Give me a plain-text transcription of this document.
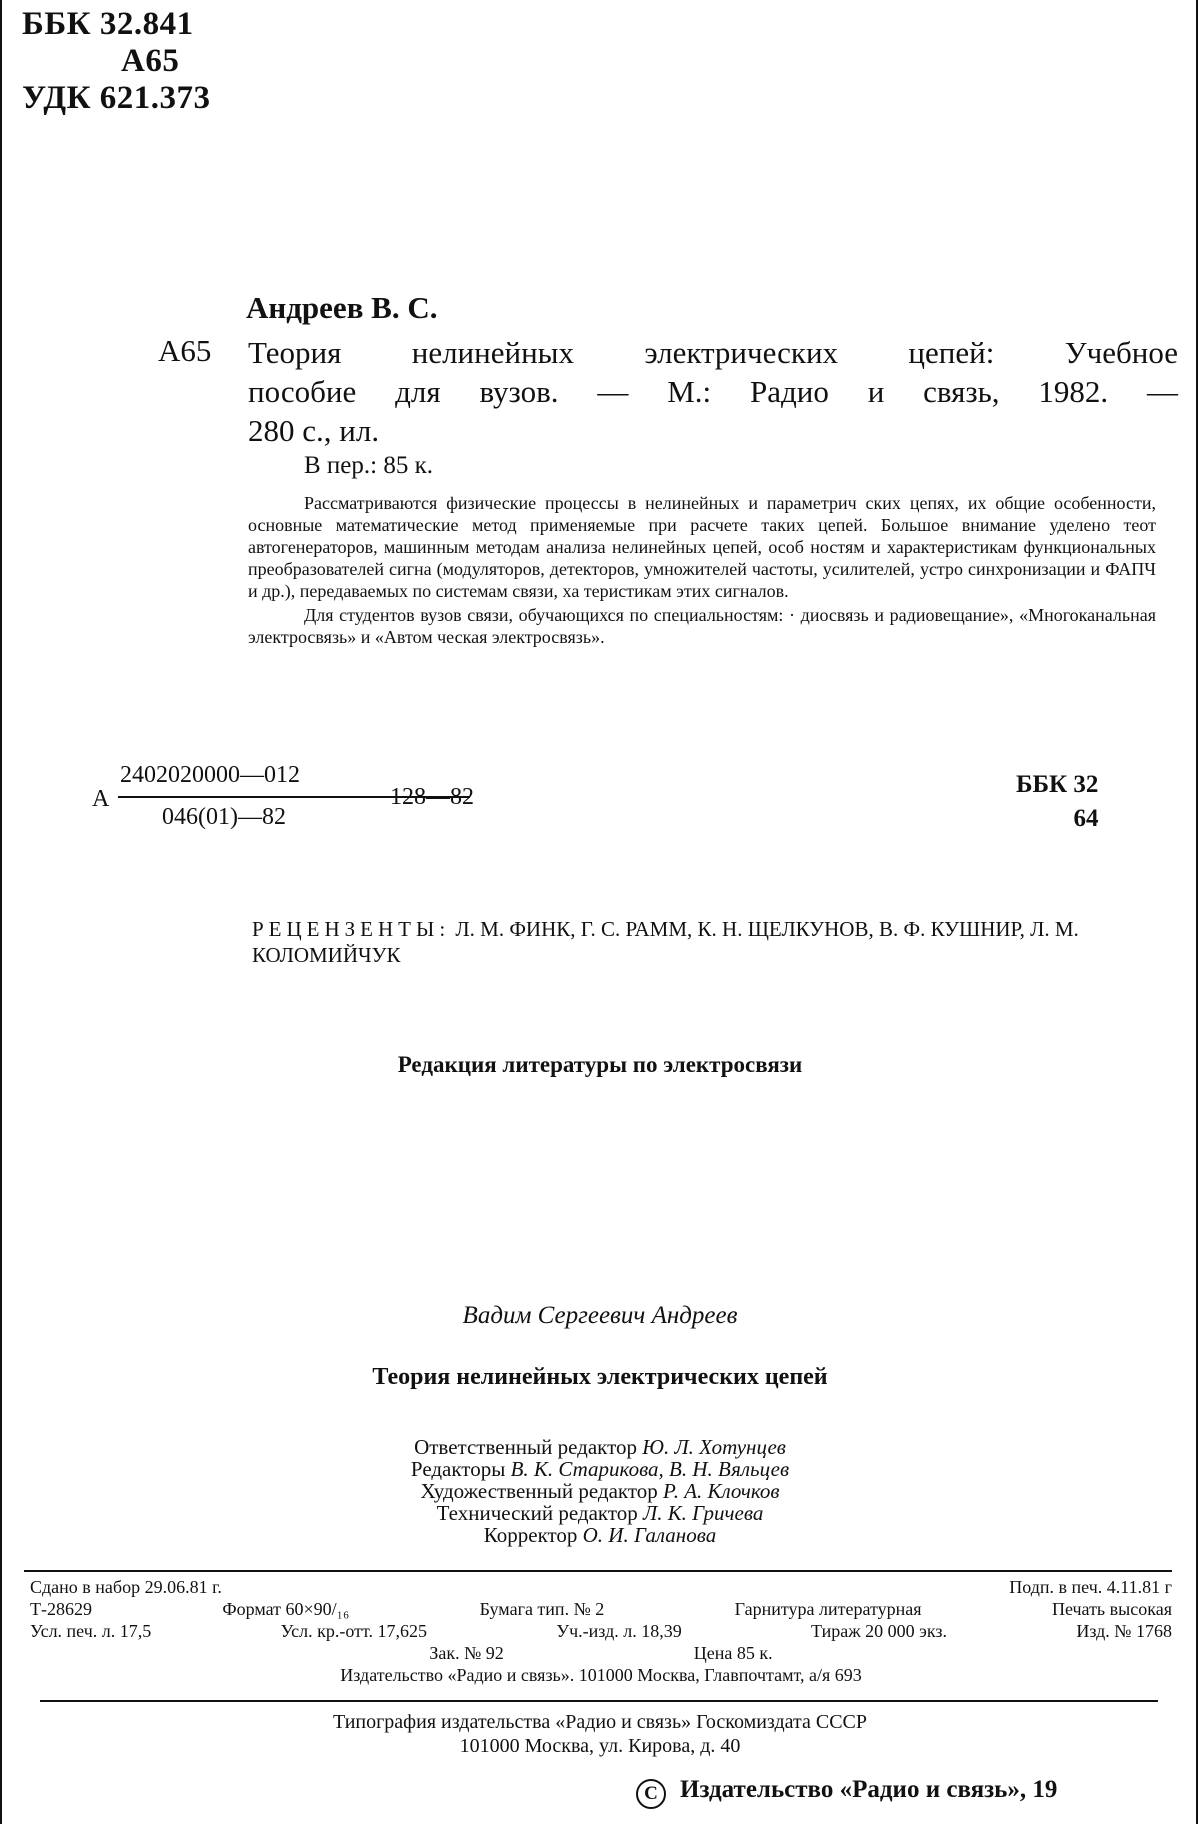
ББК 32.841
А65
УДК 621.373
Андреев В. С.
А65 Теория нелинейных электрических цепей: Учебное
пособие для вузов. — М.: Радио и связь, 1982. —
280 с., ил.
В пер.: 85 к.

Рассматриваются физические процессы в нелинейных и параметрич ских цепях, их общие особенности, основные математические метод применяемые при расчете таких цепей. Большое внимание уделено теот автогенераторов, машинным методам анализа нелинейных цепей, особ ностям и характеристикам функциональных преобразователей сигна (модуляторов, детекторов, умножителей частоты, усилителей, устро синхронизации и ФАПЧ и др.), передаваемых по системам связи, ха теристикам этих сигналов.

Для студентов вузов связи, обучающихся по специальностям: · диосвязь и радиовещание», «Многоканальная электросвязь» и «Автом ческая электросвязь».

А
2402020000—012
046(01)—82
128—82	ББК 32
64
РЕЦЕНЗЕНТЫ: Л. М. ФИНК, Г. С. РАММ, К. Н. ЩЕЛКУНОВ, В. Ф. КУШНИР, Л. М. КОЛОМИЙЧУК
Редакция литературы по электросвязи
Вадим Сергеевич Андреев
Теория нелинейных электрических цепей
Ответственный редактор Ю. Л. Хотунцев
Редакторы В. К. Старикова, В. Н. Вяльцев
Художественный редактор Р. А. Клочков
Технический редактор Л. К. Гричева
Корректор О. И. Галанова
Сдано в набор 29.06.81 г.	Подп. в печ. 4.11.81 г
Т-28629	Формат 60×90/₁₆	Бумага тип. № 2	Гарнитура литературная	Печать высокая
Усл. печ. л. 17,5	Усл. кр.-отт. 17,625	Уч.-изд. л. 18,39	Тираж 20 000 экз.	Изд. № 1768
Зак. № 92	Цена 85 к.
Издательство «Радио и связь». 101000 Москва, Главпочтамт, а/я 693
Типография издательства «Радио и связь» Госкомиздата СССР
101000 Москва, ул. Кирова, д. 40
С Издательство «Радио и связь», 19
